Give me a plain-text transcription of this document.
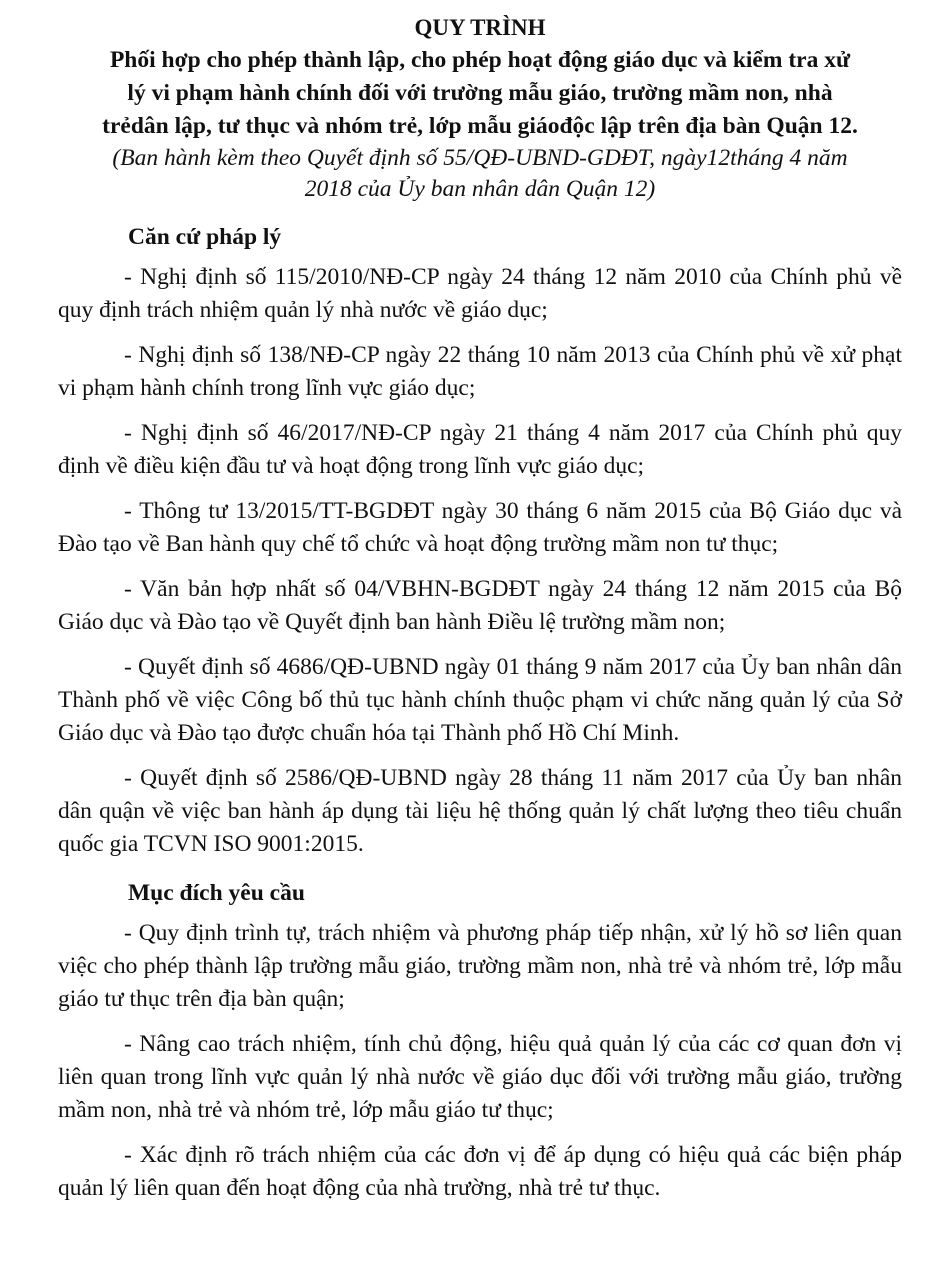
QUY TRÌNH

Phối hợp cho phép thành lập, cho phép hoạt động giáo dục và kiểm tra xử

lý vi phạm hành chính đối với trường mẫu giáo, trường mầm non, nhà

trẻdân lập, tư thục và nhóm trẻ, lớp mẫu giáođộc lập trên địa bàn Quận 12.

(Ban hành kèm theo Quyết định số 55/QĐ-UBND-GDĐT, ngày12tháng 4 năm

2018 của Ủy ban nhân dân Quận 12)

Căn cứ pháp lý

- Nghị định số 115/2010/NĐ-CP ngày 24 tháng 12 năm 2010 của Chính phủ về quy định trách nhiệm quản lý nhà nước về giáo dục;

- Nghị định số 138/NĐ-CP ngày 22 tháng 10 năm 2013 của Chính phủ về xử phạt vi phạm hành chính trong lĩnh vực giáo dục;

- Nghị định số 46/2017/NĐ-CP ngày 21 tháng 4 năm 2017 của Chính phủ quy định về điều kiện đầu tư và hoạt động trong lĩnh vực giáo dục;

- Thông tư 13/2015/TT-BGDĐT ngày 30 tháng 6 năm 2015 của Bộ Giáo dục và Đào tạo về Ban hành quy chế tổ chức và hoạt động trường mầm non tư thục;

- Văn bản hợp nhất số 04/VBHN-BGDĐT ngày 24 tháng 12 năm 2015 của Bộ Giáo dục và Đào tạo về Quyết định ban hành Điều lệ trường mầm non;

- Quyết định số 4686/QĐ-UBND ngày 01 tháng 9 năm 2017 của Ủy ban nhân dân Thành phố về việc Công bố thủ tục hành chính thuộc phạm vi chức năng quản lý của Sở Giáo dục và Đào tạo được chuẩn hóa tại Thành phố Hồ Chí Minh.

- Quyết định số 2586/QĐ-UBND ngày 28 tháng 11 năm 2017 của Ủy ban nhân dân quận về việc ban hành áp dụng tài liệu hệ thống quản lý chất lượng theo tiêu chuẩn quốc gia TCVN ISO 9001:2015.

Mục đích yêu cầu

- Quy định trình tự, trách nhiệm và phương pháp tiếp nhận, xử lý hồ sơ liên quan việc cho phép thành lập trường mẫu giáo, trường mầm non, nhà trẻ và nhóm trẻ, lớp mẫu giáo tư thục trên địa bàn quận;

- Nâng cao trách nhiệm, tính chủ động, hiệu quả quản lý của các cơ quan đơn vị liên quan trong lĩnh vực quản lý nhà nước về giáo dục đối với trường mẫu giáo, trường mầm non, nhà trẻ và nhóm trẻ, lớp mẫu giáo tư thục;

- Xác định rõ trách nhiệm của các đơn vị để áp dụng có hiệu quả các biện pháp quản lý liên quan đến hoạt động của nhà trường, nhà trẻ tư thục.
